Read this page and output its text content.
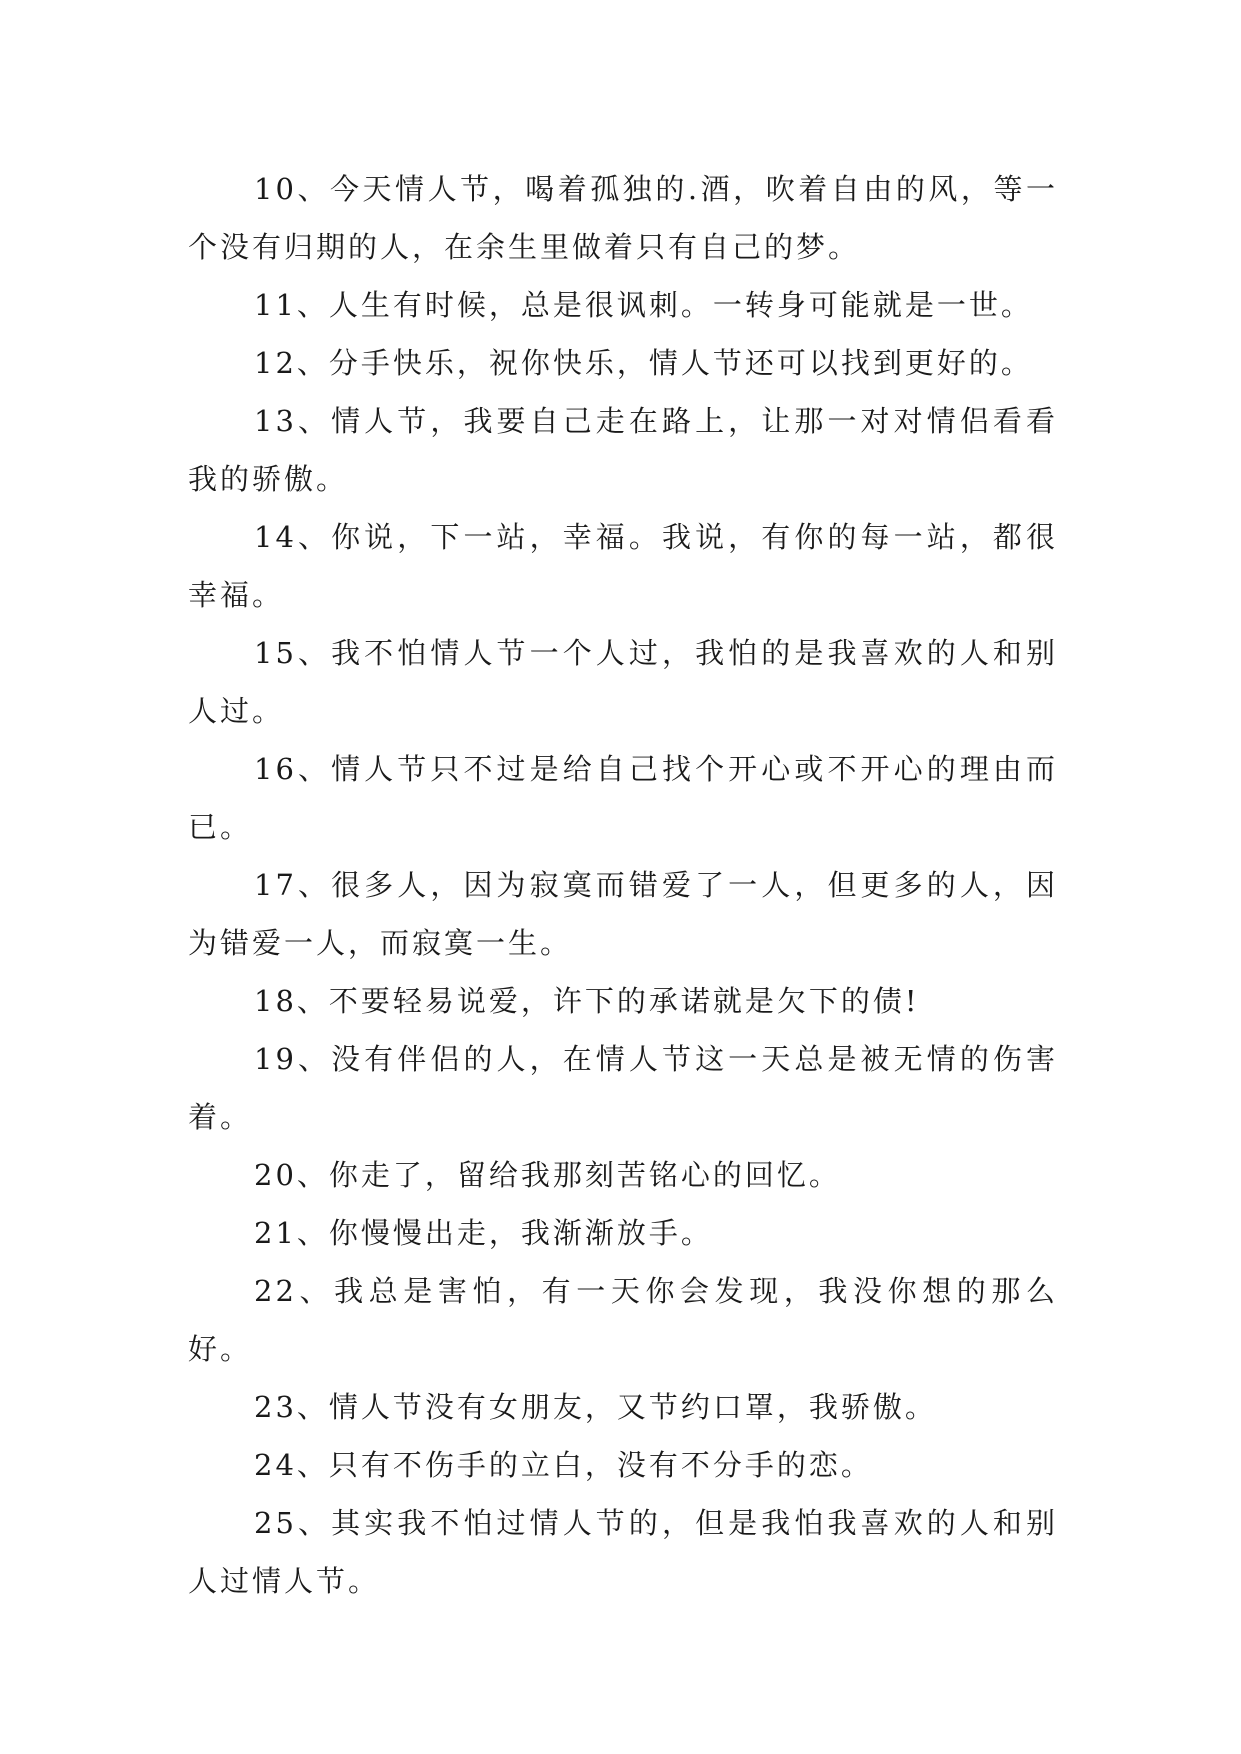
10、今天情人节，喝着孤独的.酒，吹着自由的风，等一个没有归期的人，在余生里做着只有自己的梦。

11、人生有时候，总是很讽刺。一转身可能就是一世。

12、分手快乐，祝你快乐，情人节还可以找到更好的。

13、情人节，我要自己走在路上，让那一对对情侣看看我的骄傲。

14、你说，下一站，幸福。我说，有你的每一站，都很幸福。

15、我不怕情人节一个人过，我怕的是我喜欢的人和别人过。

16、情人节只不过是给自己找个开心或不开心的理由而已。

17、很多人，因为寂寞而错爱了一人，但更多的人，因为错爱一人，而寂寞一生。

18、不要轻易说爱，许下的承诺就是欠下的债!

19、没有伴侣的人，在情人节这一天总是被无情的伤害着。

20、你走了，留给我那刻苦铭心的回忆。

21、你慢慢出走，我渐渐放手。

22、我总是害怕，有一天你会发现，我没你想的那么好。

23、情人节没有女朋友，又节约口罩，我骄傲。

24、只有不伤手的立白，没有不分手的恋。

25、其实我不怕过情人节的，但是我怕我喜欢的人和别人过情人节。
